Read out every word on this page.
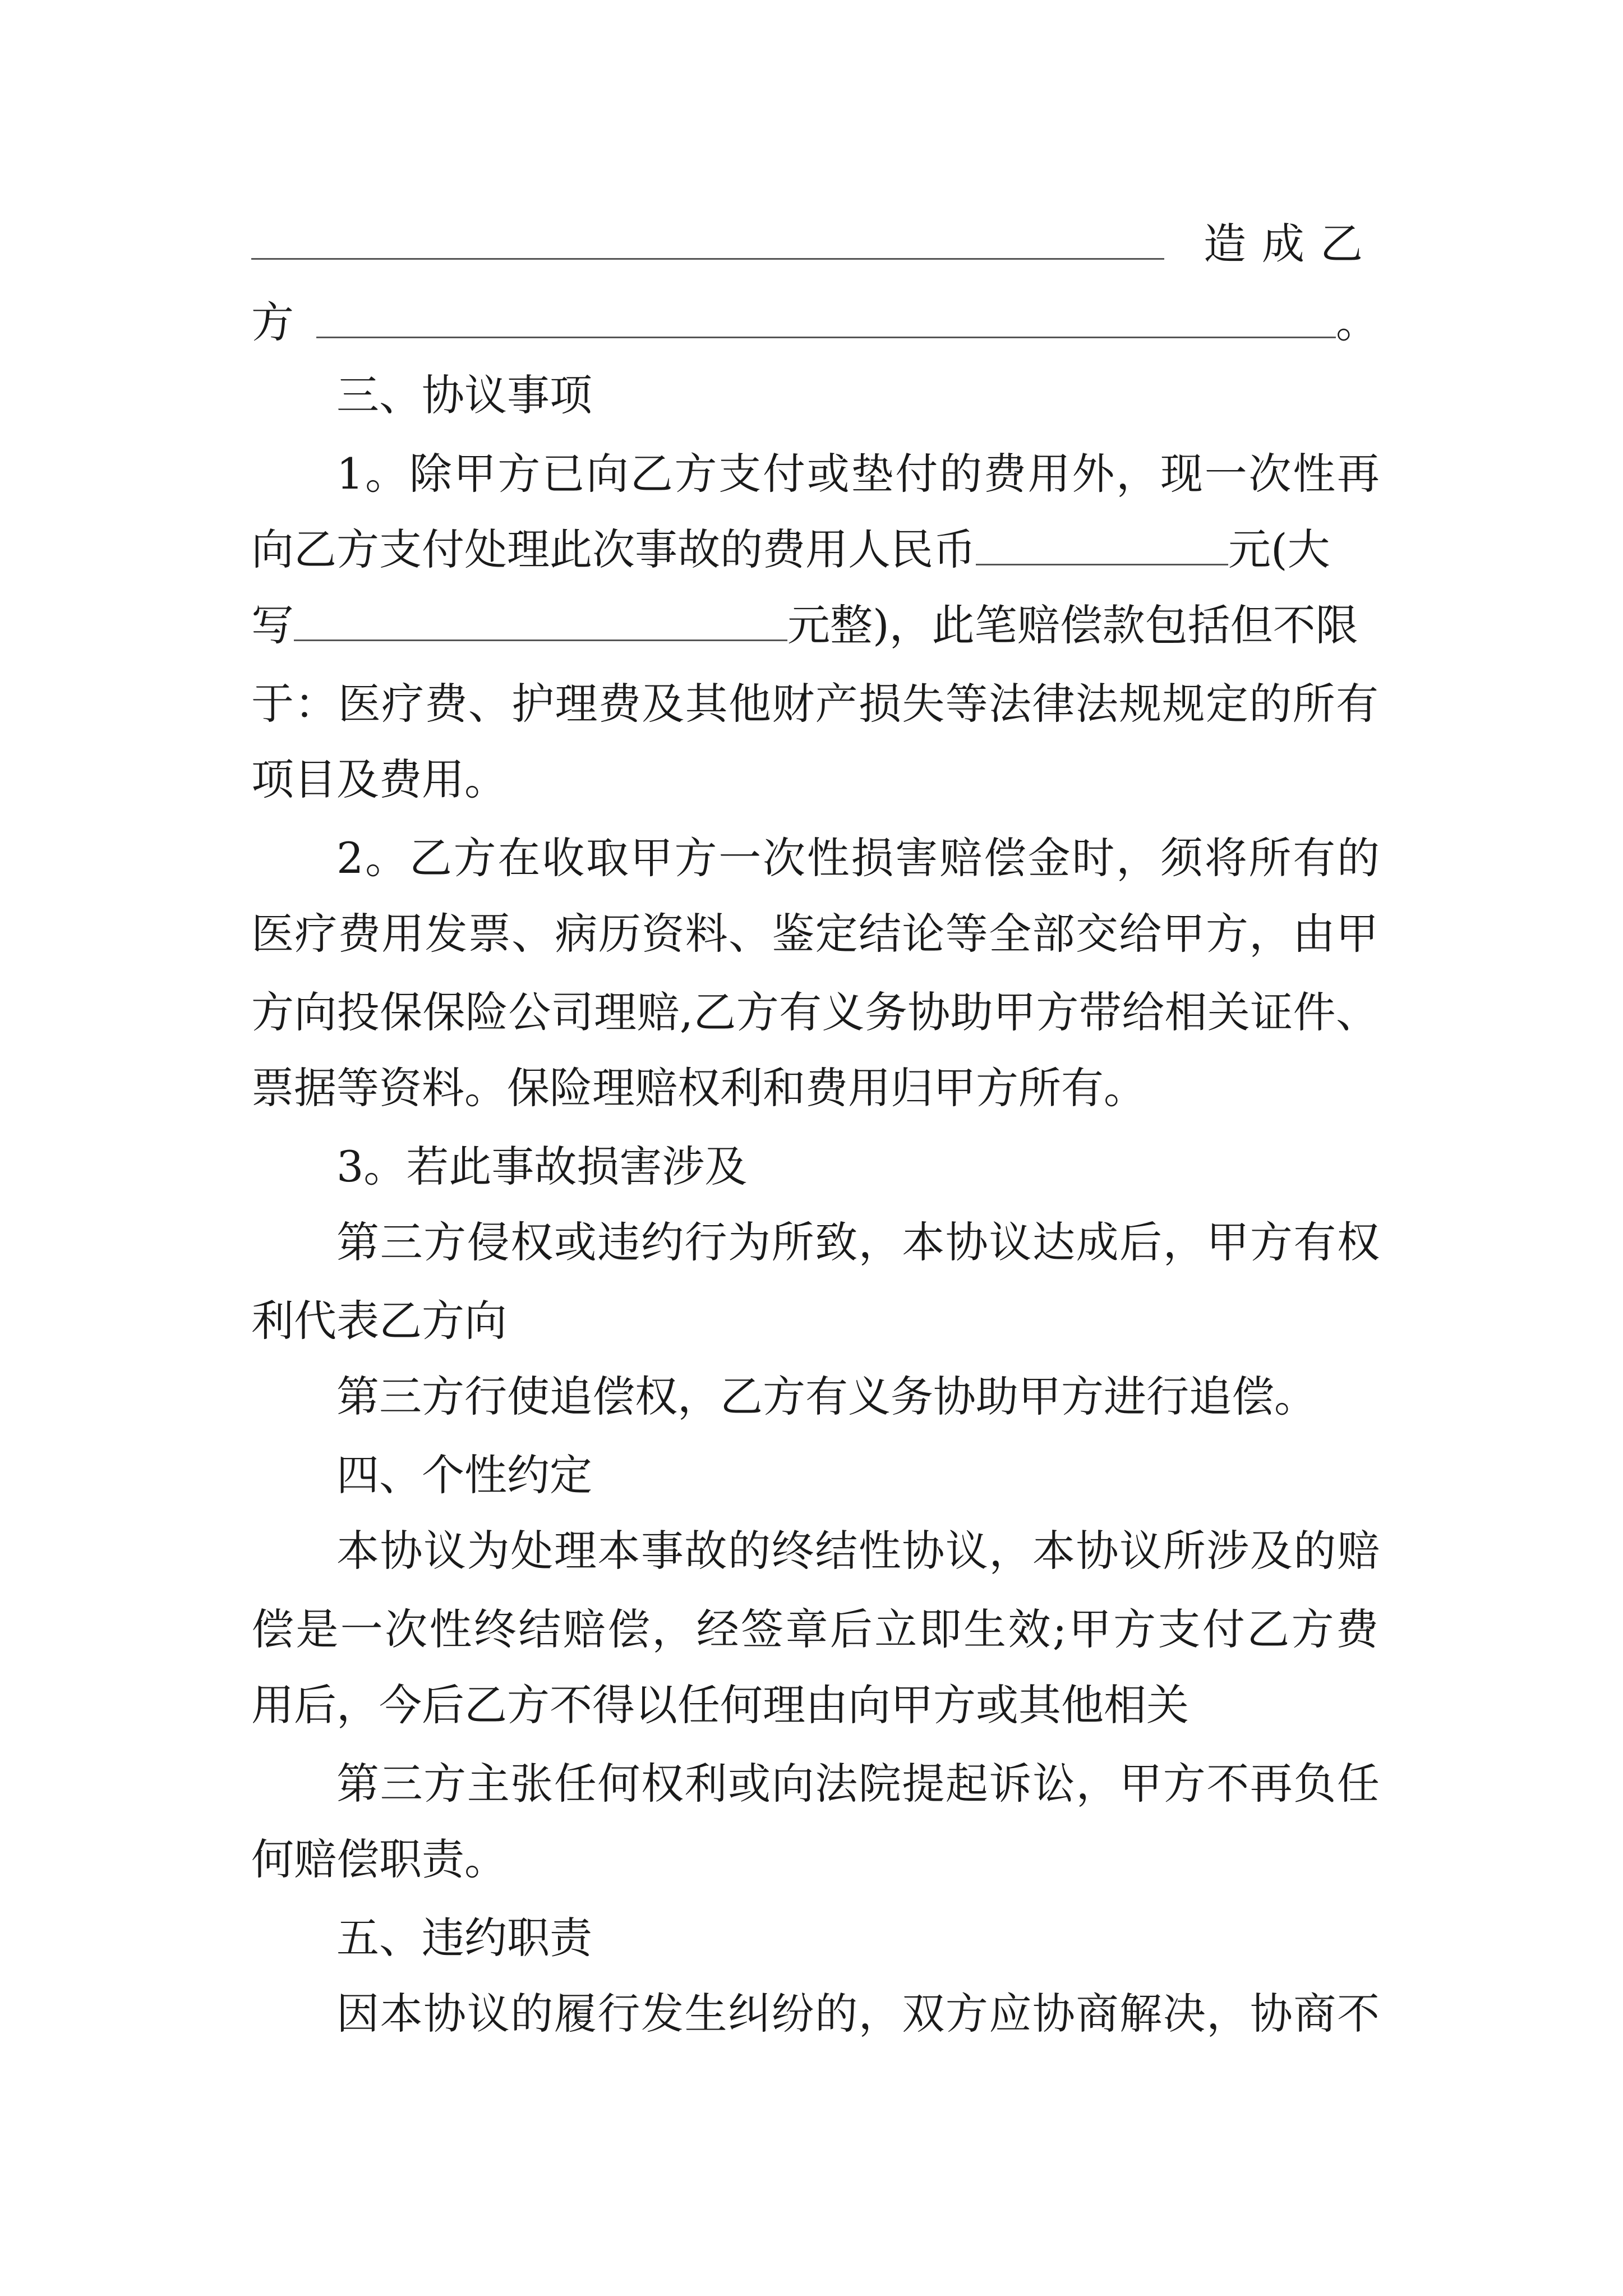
造成乙
方	。
三、协议事项
1。除甲方已向乙方支付或垫付的费用外，现一次性再
向乙方支付处理此次事故的费用人民币	元(大
写	元整)，此笔赔偿款包括但不限
于：医疗费、护理费及其他财产损失等法律法规规定的所有
项目及费用。
2。乙方在收取甲方一次性损害赔偿金时，须将所有的
医疗费用发票、病历资料、鉴定结论等全部交给甲方，由甲
方向投保保险公司理赔,乙方有义务协助甲方带给相关证件、
票据等资料。保险理赔权利和费用归甲方所有。
3。若此事故损害涉及
第三方侵权或违约行为所致，本协议达成后，甲方有权
利代表乙方向
第三方行使追偿权，乙方有义务协助甲方进行追偿。
四、个性约定
本协议为处理本事故的终结性协议，本协议所涉及的赔
偿是一次性终结赔偿，经签章后立即生效;甲方支付乙方费
用后，今后乙方不得以任何理由向甲方或其他相关
第三方主张任何权利或向法院提起诉讼，甲方不再负任
何赔偿职责。
五、违约职责
因本协议的履行发生纠纷的，双方应协商解决，协商不
